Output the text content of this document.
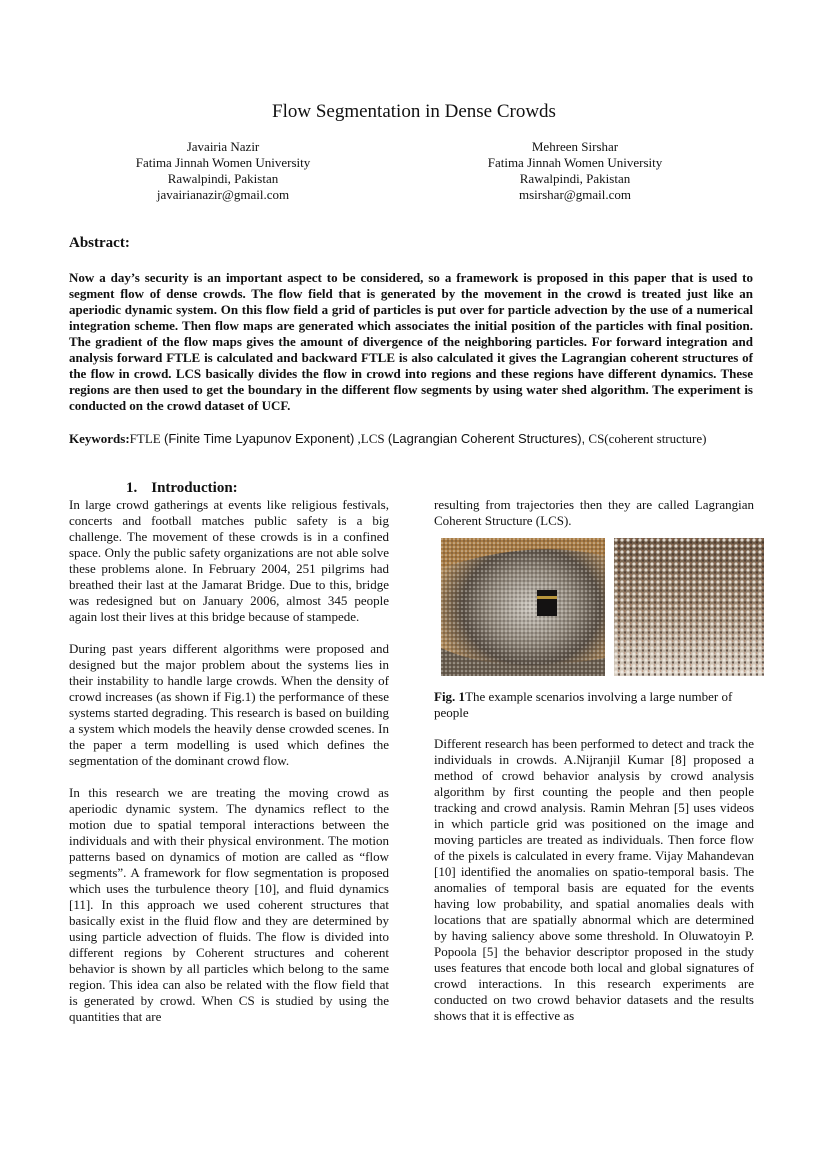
Flow Segmentation in Dense Crowds
Javairia Nazir
Fatima Jinnah Women University
Rawalpindi, Pakistan
javairianazir@gmail.com
Mehreen Sirshar
Fatima Jinnah Women University
Rawalpindi, Pakistan
msirshar@gmail.com
Abstract:
Now a day’s security is an important aspect to be considered, so a framework is proposed in this paper that is used to segment flow of dense crowds. The flow field that is generated by the movement in the crowd is treated just like an aperiodic dynamic system. On this flow field a grid of particles is put over for particle advection by the use of a numerical integration scheme. Then flow maps are generated which associates the initial position of the particles with final position. The gradient of the flow maps gives the amount of divergence of the neighboring particles. For forward integration and analysis forward FTLE is calculated and backward FTLE is also calculated it gives the Lagrangian coherent structures of the flow in crowd. LCS basically divides the flow in crowd into regions and these regions have different dynamics. These regions are then used to get the boundary in the different flow segments by using water shed algorithm. The experiment is conducted on the crowd dataset of UCF.
Keywords:FTLE (Finite Time Lyapunov Exponent) ,LCS (Lagrangian Coherent Structures), CS(coherent structure)
1. Introduction:

In large crowd gatherings at events like religious festivals, concerts and football matches public safety is a big challenge. The movement of these crowds is in a confined space. Only the public safety organizations are not able solve these problems alone. In February 2004, 251 pilgrims had breathed their last at the Jamarat Bridge. Due to this, bridge was redesigned but on January 2006, almost 345 people again lost their lives at this bridge because of stampede.

During past years different algorithms were proposed and designed but the major problem about the systems lies in their instability to handle large crowds. When the density of crowd increases (as shown if Fig.1) the performance of these systems started degrading. This research is based on building a system which models the heavily dense crowded scenes. In the paper a term modelling is used which defines the segmentation of the dominant crowd flow.

In this research we are treating the moving crowd as aperiodic dynamic system. The dynamics reflect to the motion due to spatial temporal interactions between the individuals and with their physical environment. The motion patterns based on dynamics of motion are called as “flow segments”. A framework for flow segmentation is proposed which uses the turbulence theory [10], and fluid dynamics [11]. In this approach we used coherent structures that basically exist in the fluid flow and they are determined by using particle advection of fluids. The flow is divided into different regions by Coherent structures and coherent behavior is shown by all particles which belong to the same region. This idea can also be related with the flow field that is generated by crowd. When CS is studied by using the quantities that are

resulting from trajectories then they are called Lagrangian Coherent Structure (LCS).

Fig. 1The example scenarios involving a large number of people

Different research has been performed to detect and track the individuals in crowds. A.Nijranjil Kumar [8] proposed a method of crowd behavior analysis by crowd analysis algorithm by first counting the people and then people tracking and crowd analysis. Ramin Mehran [5] uses videos in which particle grid was positioned on the image and moving particles are treated as individuals. Then force flow of the pixels is calculated in every frame. Vijay Mahandevan [10] identified the anomalies on spatio-temporal basis. The anomalies of temporal basis are equated for the events having low probability, and spatial anomalies deals with locations that are spatially abnormal which are determined by having saliency above some threshold. In Oluwatoyin P. Popoola [5] the behavior descriptor proposed in the study uses features that encode both local and global signatures of crowd interactions. In this research experiments are conducted on two crowd behavior datasets and the results shows that it is effective as
